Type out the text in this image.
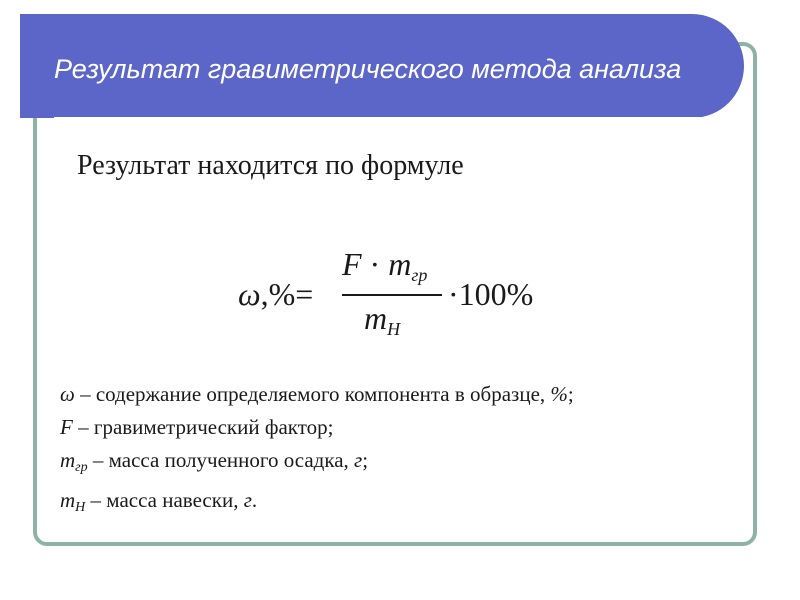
Результат гравиметрического метода анализа
Результат находится по формуле
ω,%=
$F \cdot m_{гр}$
$m_Н$
·100%
ω – содержание определяемого компонента в образце, %;
F – гравиметрический фактор;
$m_{гр}$ – масса полученного осадка, г;
$m_Н$ – масса навески, г.
